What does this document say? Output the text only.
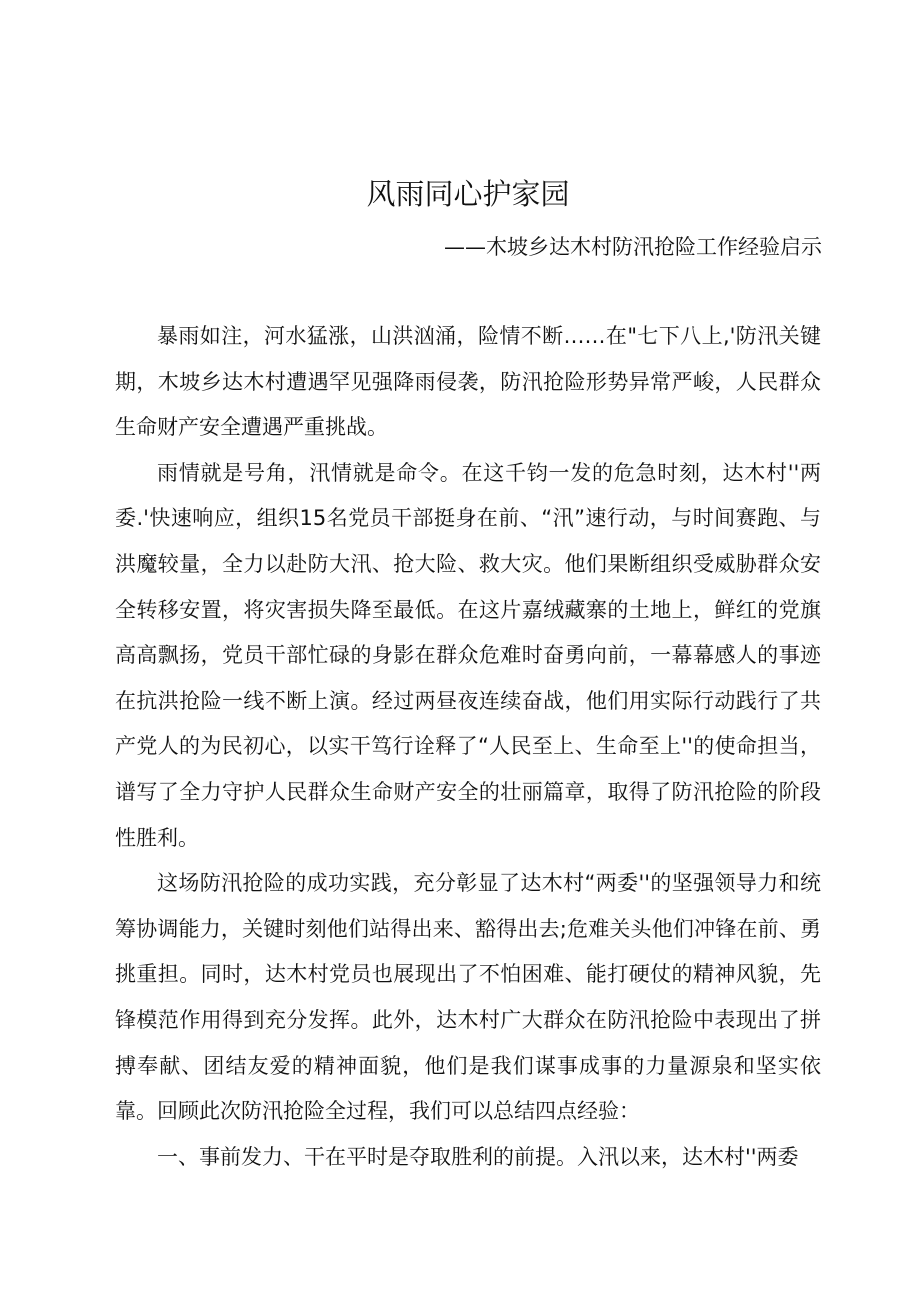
风雨同心护家园

——木坡乡达木村防汛抢险工作经验启示

暴雨如注，河水猛涨，山洪汹涌，险情不断……在"七下八上,'防汛关键期，木坡乡达木村遭遇罕见强降雨侵袭，防汛抢险形势异常严峻，人民群众生命财产安全遭遇严重挑战。

雨情就是号角，汛情就是命令。在这千钧一发的危急时刻，达木村''两委.'快速响应，组织15名党员干部挺身在前、“汛”速行动，与时间赛跑、与洪魔较量，全力以赴防大汛、抢大险、救大灾。他们果断组织受威胁群众安全转移安置，将灾害损失降至最低。在这片嘉绒藏寨的土地上，鲜红的党旗高高飘扬，党员干部忙碌的身影在群众危难时奋勇向前，一幕幕感人的事迹在抗洪抢险一线不断上演。经过两昼夜连续奋战，他们用实际行动践行了共产党人的为民初心，以实干笃行诠释了“人民至上、生命至上''的使命担当，谱写了全力守护人民群众生命财产安全的壮丽篇章，取得了防汛抢险的阶段性胜利。

这场防汛抢险的成功实践，充分彰显了达木村“两委''的坚强领导力和统筹协调能力，关键时刻他们站得出来、豁得出去;危难关头他们冲锋在前、勇挑重担。同时，达木村党员也展现出了不怕困难、能打硬仗的精神风貌，先锋模范作用得到充分发挥。此外，达木村广大群众在防汛抢险中表现出了拼搏奉献、团结友爱的精神面貌，他们是我们谋事成事的力量源泉和坚实依靠。回顾此次防汛抢险全过程，我们可以总结四点经验：

一、事前发力、干在平时是夺取胜利的前提。入汛以来，达木村''两委
